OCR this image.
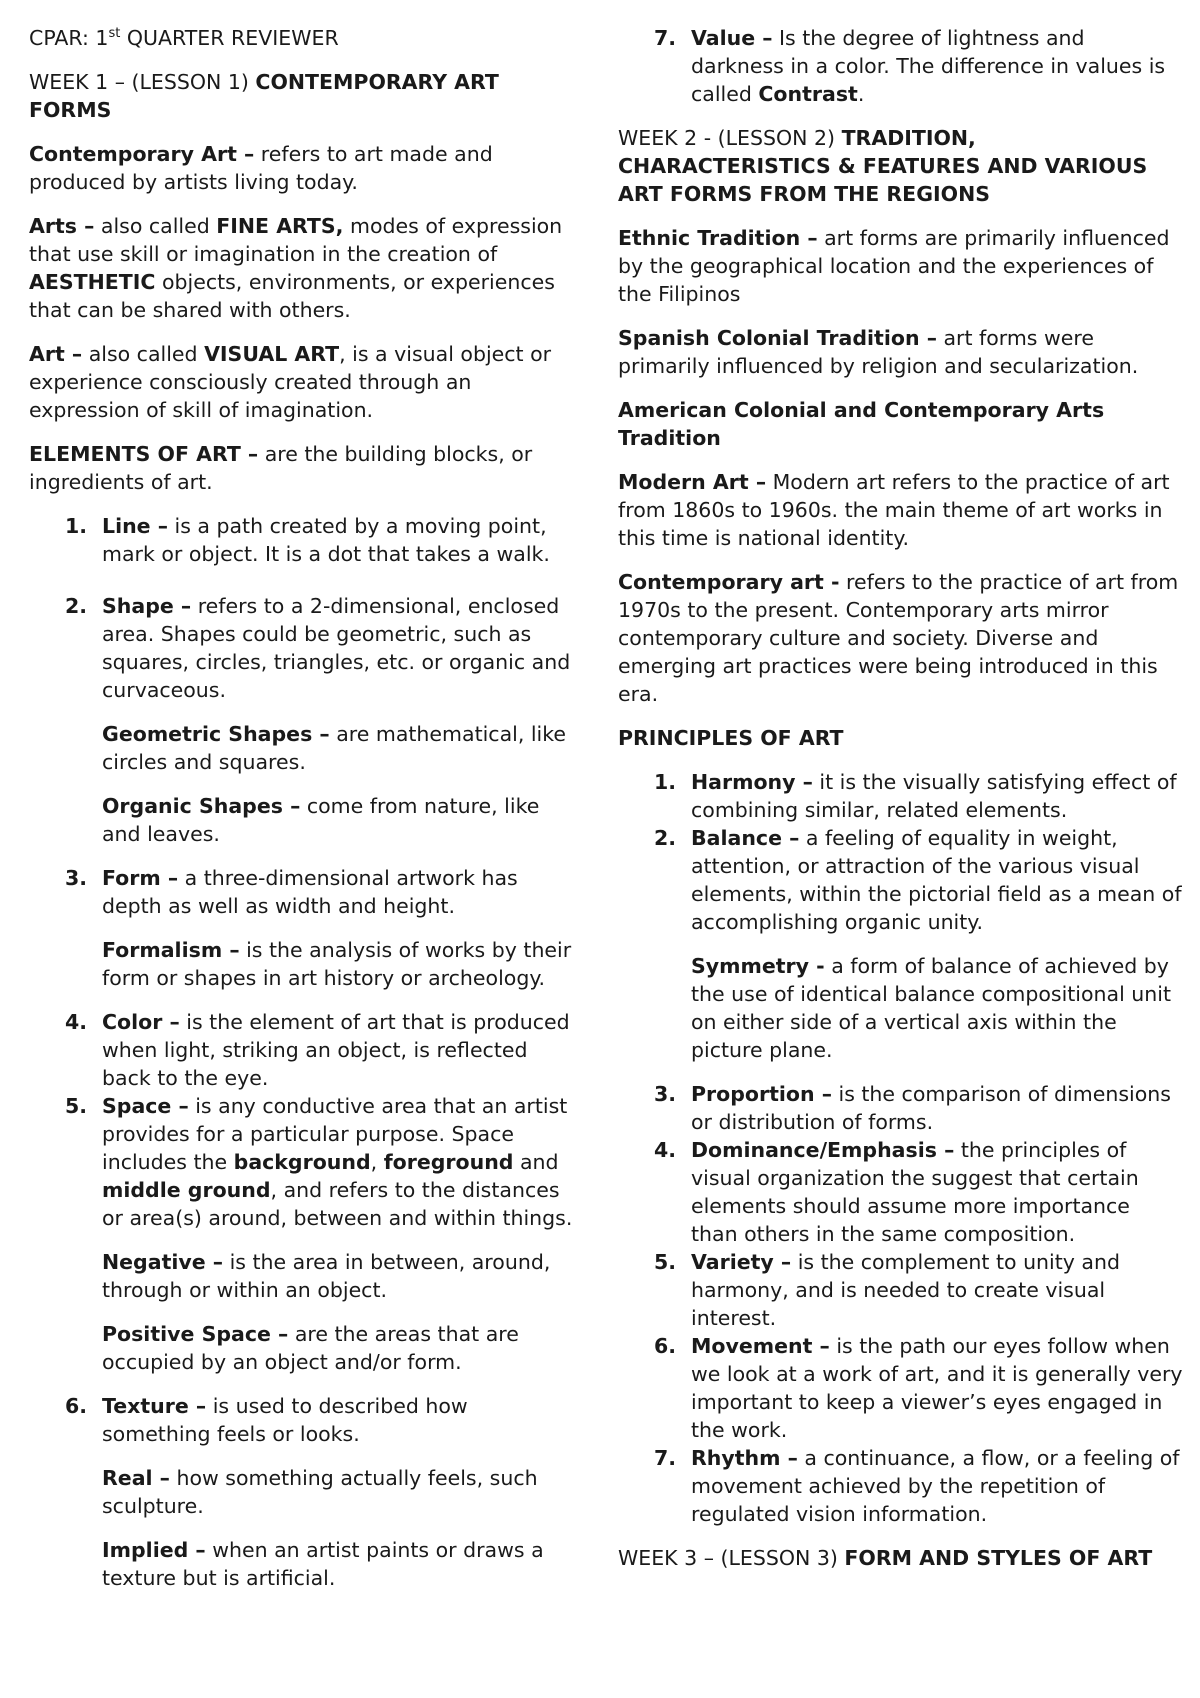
CPAR: 1st QUARTER REVIEWER

WEEK 1 – (LESSON 1) CONTEMPORARY ART FORMS

Contemporary Art – refers to art made and produced by artists living today.

Arts – also called FINE ARTS, modes of expression that use skill or imagination in the creation of AESTHETIC objects, environments, or experiences that can be shared with others.

Art – also called VISUAL ART, is a visual object or experience consciously created through an expression of skill of imagination.

ELEMENTS OF ART – are the building blocks, or ingredients of art.

1. Line – is a path created by a moving point, mark or object. It is a dot that takes a walk.

2. Shape – refers to a 2-dimensional, enclosed area. Shapes could be geometric, such as squares, circles, triangles, etc. or organic and curvaceous.

Geometric Shapes – are mathematical, like circles and squares.

Organic Shapes – come from nature, like and leaves.

3. Form – a three-dimensional artwork has depth as well as width and height.

Formalism – is the analysis of works by their form or shapes in art history or archeology.

4. Color – is the element of art that is produced when light, striking an object, is reflected back to the eye.

5. Space – is any conductive area that an artist provides for a particular purpose. Space includes the background, foreground and middle ground, and refers to the distances or area(s) around, between and within things.

Negative – is the area in between, around, through or within an object.

Positive Space – are the areas that are occupied by an object and/or form.

6. Texture – is used to described how something feels or looks.

Real – how something actually feels, such sculpture.

Implied – when an artist paints or draws a texture but is artificial.

7. Value – Is the degree of lightness and darkness in a color. The difference in values is called Contrast.

WEEK 2 - (LESSON 2) TRADITION, CHARACTERISTICS & FEATURES AND VARIOUS ART FORMS FROM THE REGIONS

Ethnic Tradition – art forms are primarily influenced by the geographical location and the experiences of the Filipinos

Spanish Colonial Tradition – art forms were primarily influenced by religion and secularization.

American Colonial and Contemporary Arts Tradition

Modern Art – Modern art refers to the practice of art from 1860s to 1960s. the main theme of art works in this time is national identity.

Contemporary art - refers to the practice of art from 1970s to the present. Contemporary arts mirror contemporary culture and society. Diverse and emerging art practices were being introduced in this era.

PRINCIPLES OF ART

1. Harmony – it is the visually satisfying effect of combining similar, related elements.

2. Balance – a feeling of equality in weight, attention, or attraction of the various visual elements, within the pictorial field as a mean of accomplishing organic unity.

Symmetry - a form of balance of achieved by the use of identical balance compositional unit on either side of a vertical axis within the picture plane.

3. Proportion – is the comparison of dimensions or distribution of forms.

4. Dominance/Emphasis – the principles of visual organization the suggest that certain elements should assume more importance than others in the same composition.

5. Variety – is the complement to unity and harmony, and is needed to create visual interest.

6. Movement – is the path our eyes follow when we look at a work of art, and it is generally very important to keep a viewer’s eyes engaged in the work.

7. Rhythm – a continuance, a flow, or a feeling of movement achieved by the repetition of regulated vision information.

WEEK 3 – (LESSON 3) FORM AND STYLES OF ART
